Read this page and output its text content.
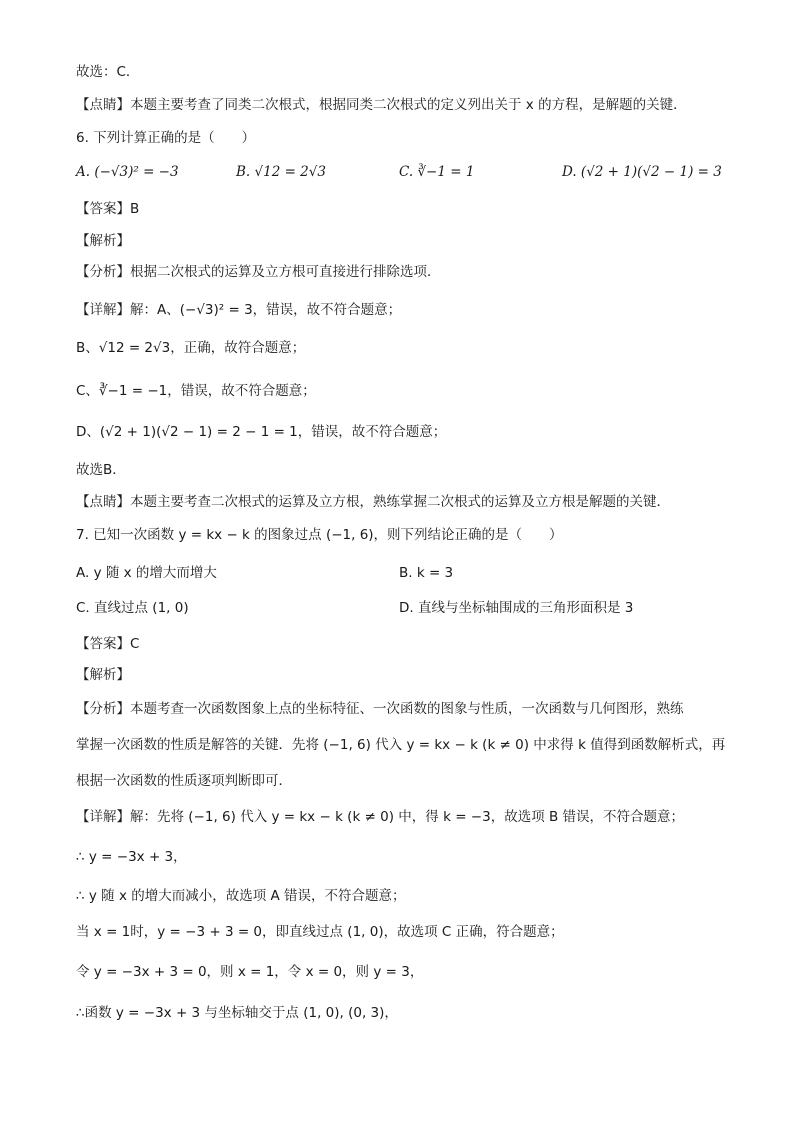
故选：C．
【点睛】本题主要考查了同类二次根式，根据同类二次根式的定义列出关于 x 的方程，是解题的关键．
6. 下列计算正确的是（　　）
A. (−√3)² = −3	B. √12 = 2√3	C. ∛−1 = 1	D. (√2 + 1)(√2 − 1) = 3
【答案】B
【解析】
【分析】根据二次根式的运算及立方根可直接进行排除选项．
【详解】解：A、(−√3)² = 3，错误，故不符合题意；
B、√12 = 2√3，正确，故符合题意；
C、∛−1 = −1，错误，故不符合题意；
D、(√2 + 1)(√2 − 1) = 2 − 1 = 1，错误，故不符合题意；
故选B．
【点睛】本题主要考查二次根式的运算及立方根，熟练掌握二次根式的运算及立方根是解题的关键．
7. 已知一次函数 y = kx − k 的图象过点 (−1, 6)，则下列结论正确的是（　　）
A. y 随 x 的增大而增大	B. k = 3
C. 直线过点 (1, 0)	D. 直线与坐标轴围成的三角形面积是 3
【答案】C
【解析】
【分析】本题考查一次函数图象上点的坐标特征、一次函数的图象与性质，一次函数与几何图形，熟练
掌握一次函数的性质是解答的关键．先将 (−1, 6) 代入 y = kx − k (k ≠ 0) 中求得 k 值得到函数解析式，再
根据一次函数的性质逐项判断即可．
【详解】解：先将 (−1, 6) 代入 y = kx − k (k ≠ 0) 中，得 k = −3，故选项 B 错误，不符合题意；
∴ y = −3x + 3，
∴ y 随 x 的增大而减小，故选项 A 错误，不符合题意；
当 x = 1时，y = −3 + 3 = 0，即直线过点 (1, 0)，故选项 C 正确，符合题意；
令 y = −3x + 3 = 0，则 x = 1，令 x = 0，则 y = 3，
∴函数 y = −3x + 3 与坐标轴交于点 (1, 0), (0, 3)，
